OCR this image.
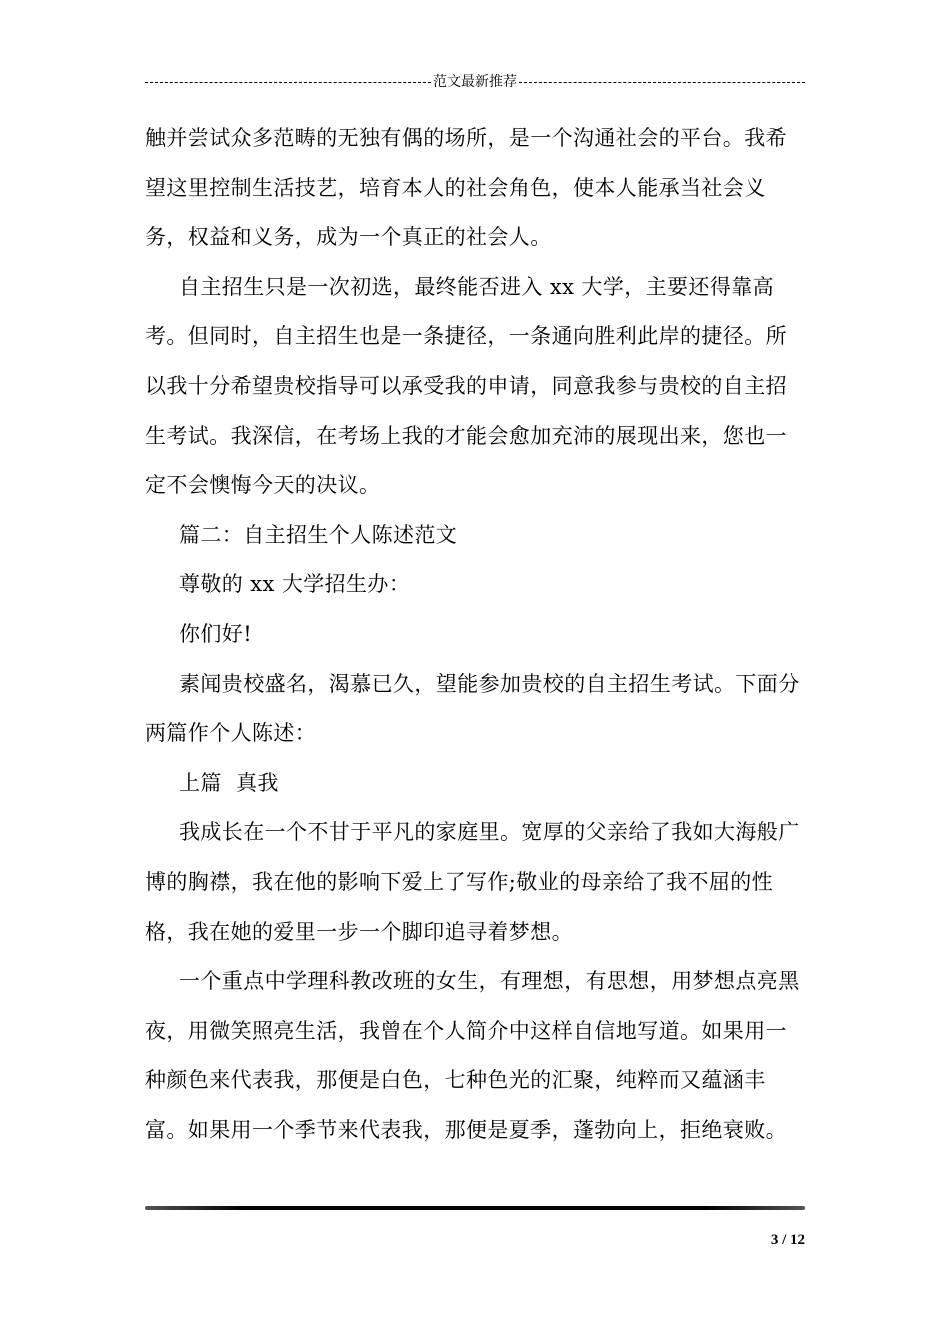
范文最新推荐

触并尝试众多范畴的无独有偶的场所，是一个沟通社会的平台。我希望这里控制生活技艺，培育本人的社会角色，使本人能承当社会义务，权益和义务，成为一个真正的社会人。

自主招生只是一次初选，最终能否进入 xx 大学，主要还得靠高考。但同时，自主招生也是一条捷径，一条通向胜利此岸的捷径。所以我十分希望贵校指导可以承受我的申请，同意我参与贵校的自主招生考试。我深信，在考场上我的才能会愈加充沛的展现出来，您也一定不会懊悔今天的决议。

篇二：自主招生个人陈述范文

尊敬的 xx 大学招生办：

你们好!

素闻贵校盛名，渴慕已久，望能参加贵校的自主招生考试。下面分两篇作个人陈述：

上篇  真我

我成长在一个不甘于平凡的家庭里。宽厚的父亲给了我如大海般广博的胸襟，我在他的影响下爱上了写作;敬业的母亲给了我不屈的性格，我在她的爱里一步一个脚印追寻着梦想。

一个重点中学理科教改班的女生，有理想，有思想，用梦想点亮黑夜，用微笑照亮生活，我曾在个人简介中这样自信地写道。如果用一种颜色来代表我，那便是白色，七种色光的汇聚，纯粹而又蕴涵丰富。如果用一个季节来代表我，那便是夏季，蓬勃向上，拒绝衰败。

3 / 12
